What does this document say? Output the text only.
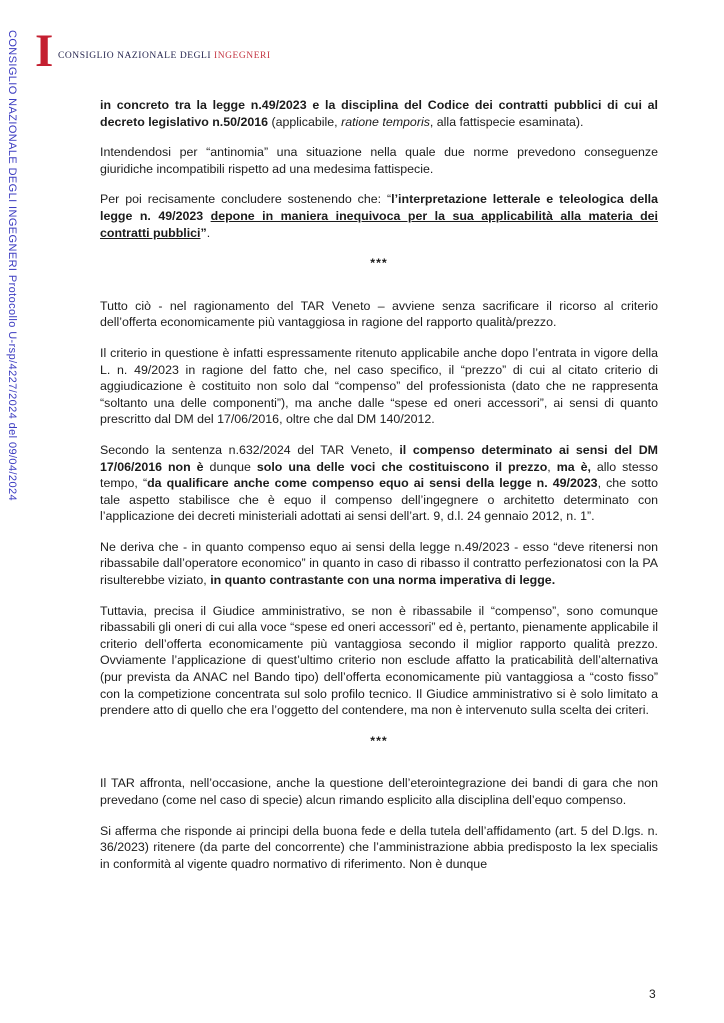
CONSIGLIO NAZIONALE DEGLI INGEGNERI Protocollo U-rsp/4227/2024 del 09/04/2024 I CONSIGLIO NAZIONALE DEGLI INGEGNERI

in concreto tra la legge n.49/2023 e la disciplina del Codice dei contratti pubblici di cui al decreto legislativo n.50/2016 (applicabile, ratione temporis, alla fattispecie esaminata).

Intendendosi per “antinomia” una situazione nella quale due norme prevedono conseguenze giuridiche incompatibili rispetto ad una medesima fattispecie.

Per poi recisamente concludere sostenendo che: “l’interpretazione letterale e teleologica della legge n. 49/2023 depone in maniera inequivoca per la sua applicabilità alla materia dei contratti pubblici”.

***

Tutto ciò - nel ragionamento del TAR Veneto – avviene senza sacrificare il ricorso al criterio dell’offerta economicamente più vantaggiosa in ragione del rapporto qualità/prezzo.

Il criterio in questione è infatti espressamente ritenuto applicabile anche dopo l’entrata in vigore della L. n. 49/2023 in ragione del fatto che, nel caso specifico, il “prezzo” di cui al citato criterio di aggiudicazione è costituito non solo dal “compenso” del professionista (dato che ne rappresenta “soltanto una delle componenti”), ma anche dalle “spese ed oneri accessori”, ai sensi di quanto prescritto dal DM del 17/06/2016, oltre che dal DM 140/2012.

Secondo la sentenza n.632/2024 del TAR Veneto, il compenso determinato ai sensi del DM 17/06/2016 non è dunque solo una delle voci che costituiscono il prezzo, ma è, allo stesso tempo, “da qualificare anche come compenso equo ai sensi della legge n. 49/2023, che sotto tale aspetto stabilisce che è equo il compenso dell’ingegnere o architetto determinato con l’applicazione dei decreti ministeriali adottati ai sensi dell’art. 9, d.l. 24 gennaio 2012, n. 1”.

Ne deriva che - in quanto compenso equo ai sensi della legge n.49/2023 - esso “deve ritenersi non ribassabile dall’operatore economico” in quanto in caso di ribasso il contratto perfezionatosi con la PA risulterebbe viziato, in quanto contrastante con una norma imperativa di legge.

Tuttavia, precisa il Giudice amministrativo, se non è ribassabile il “compenso”, sono comunque ribassabili gli oneri di cui alla voce “spese ed oneri accessori” ed è, pertanto, pienamente applicabile il criterio dell’offerta economicamente più vantaggiosa secondo il miglior rapporto qualità prezzo. Ovviamente l’applicazione di quest’ultimo criterio non esclude affatto la praticabilità dell’alternativa (pur prevista da ANAC nel Bando tipo) dell’offerta economicamente più vantaggiosa a “costo fisso” con la competizione concentrata sul solo profilo tecnico. Il Giudice amministrativo si è solo limitato a prendere atto di quello che era l’oggetto del contendere, ma non è intervenuto sulla scelta dei criteri.

***

Il TAR affronta, nell’occasione, anche la questione dell’eterointegrazione dei bandi di gara che non prevedano (come nel caso di specie) alcun rimando esplicito alla disciplina dell’equo compenso.

Si afferma che risponde ai principi della buona fede e della tutela dell’affidamento (art. 5 del D.lgs. n. 36/2023) ritenere (da parte del concorrente) che l’amministrazione abbia predisposto la lex specialis in conformità al vigente quadro normativo di riferimento. Non è dunque

3
